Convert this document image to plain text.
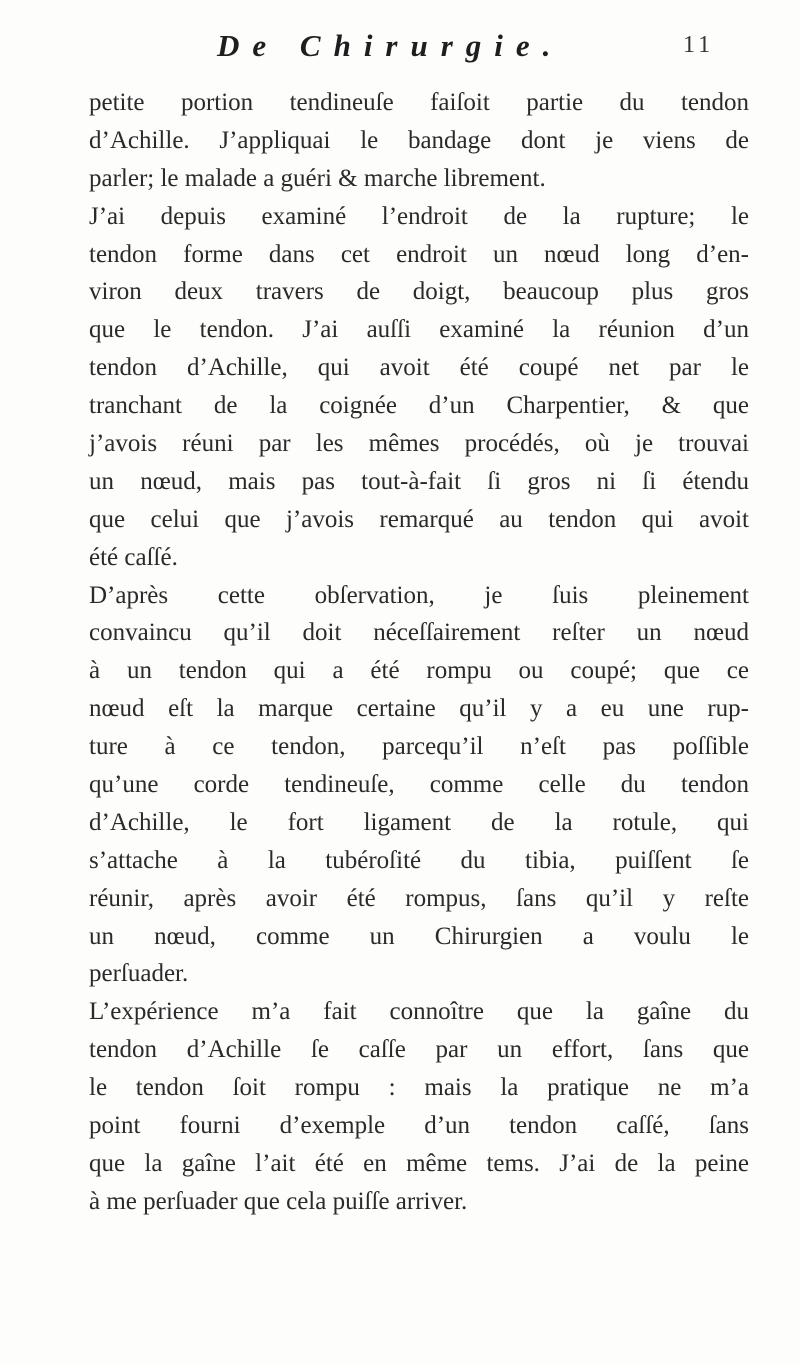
De Chirurgie.	11
petite portion tendineuſe faiſoit partie du tendon
d’Achille. J’appliquai le bandage dont je viens de
parler; le malade a guéri & marche librement.
J’ai depuis examiné l’endroit de la rupture; le
tendon forme dans cet endroit un nœud long d’en-
viron deux travers de doigt, beaucoup plus gros
que le tendon. J’ai auſſi examiné la réunion d’un
tendon d’Achille, qui avoit été coupé net par le
tranchant de la coignée d’un Charpentier, & que
j’avois réuni par les mêmes procédés, où je trouvai
un nœud, mais pas tout-à-fait ſi gros ni ſi étendu
que celui que j’avois remarqué au tendon qui avoit
été caſſé.
D’après cette obſervation, je ſuis pleinement
convaincu qu’il doit néceſſairement reſter un nœud
à un tendon qui a été rompu ou coupé; que ce
nœud eſt la marque certaine qu’il y a eu une rup-
ture à ce tendon, parcequ’il n’eſt pas poſſible
qu’une corde tendineuſe, comme celle du tendon
d’Achille, le fort ligament de la rotule, qui
s’attache à la tubéroſité du tibia, puiſſent ſe
réunir, après avoir été rompus, ſans qu’il y reſte
un nœud, comme un Chirurgien a voulu le
perſuader.
L’expérience m’a fait connoître que la gaîne du
tendon d’Achille ſe caſſe par un effort, ſans que
le tendon ſoit rompu : mais la pratique ne m’a
point fourni d’exemple d’un tendon caſſé, ſans
que la gaîne l’ait été en même tems. J’ai de la peine
à me perſuader que cela puiſſe arriver.
